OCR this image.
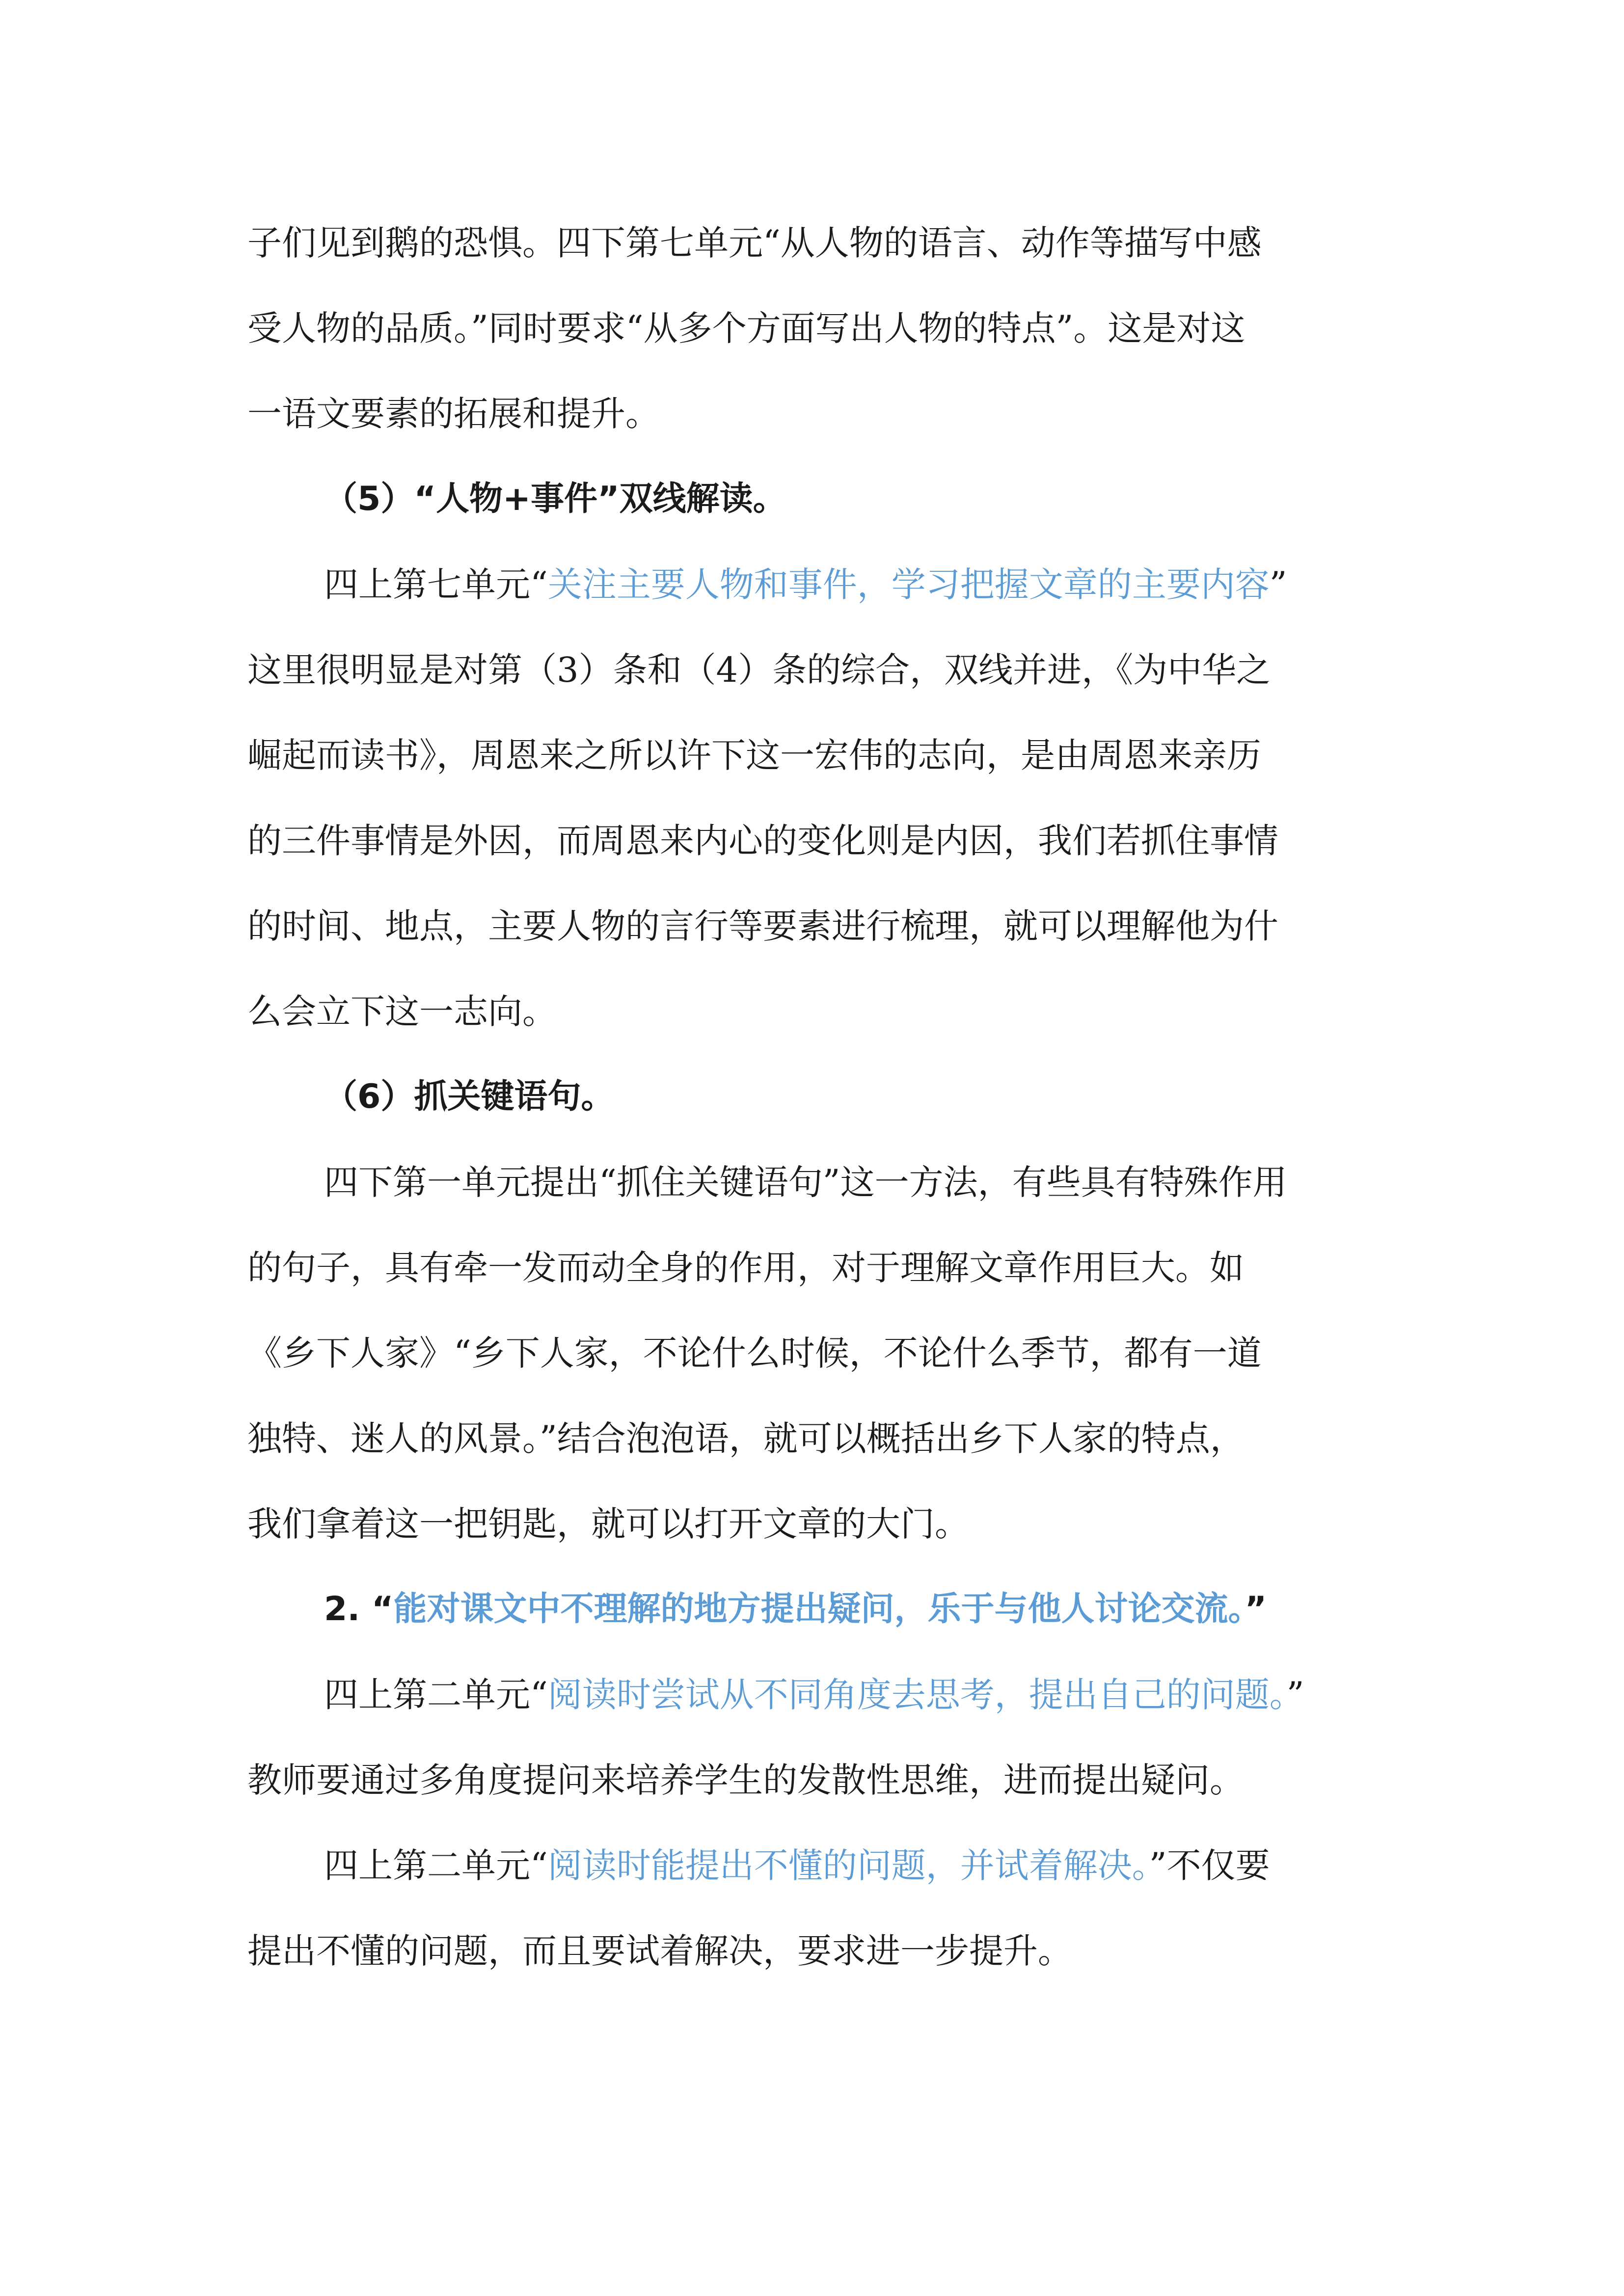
子们见到鹅的恐惧。四下第七单元“从人物的语言、动作等描写中感
受人物的品质。”同时要求“从多个方面写出人物的特点”。这是对这
一语文要素的拓展和提升。
（5）“人物+事件”双线解读。
四上第七单元“关注主要人物和事件，学习把握文章的主要内容”
这里很明显是对第（3）条和（4）条的综合，双线并进，《为中华之
崛起而读书》，周恩来之所以许下这一宏伟的志向，是由周恩来亲历
的三件事情是外因，而周恩来内心的变化则是内因，我们若抓住事情
的时间、地点，主要人物的言行等要素进行梳理，就可以理解他为什
么会立下这一志向。
（6）抓关键语句。
四下第一单元提出“抓住关键语句”这一方法，有些具有特殊作用
的句子，具有牵一发而动全身的作用，对于理解文章作用巨大。如
《乡下人家》“乡下人家，不论什么时候，不论什么季节，都有一道
独特、迷人的风景。”结合泡泡语，就可以概括出乡下人家的特点，
我们拿着这一把钥匙，就可以打开文章的大门。
2. “能对课文中不理解的地方提出疑问，乐于与他人讨论交流。”
四上第二单元“阅读时尝试从不同角度去思考，提出自己的问题。”
教师要通过多角度提问来培养学生的发散性思维，进而提出疑问。
四上第二单元“阅读时能提出不懂的问题，并试着解决。”不仅要
提出不懂的问题，而且要试着解决，要求进一步提升。
